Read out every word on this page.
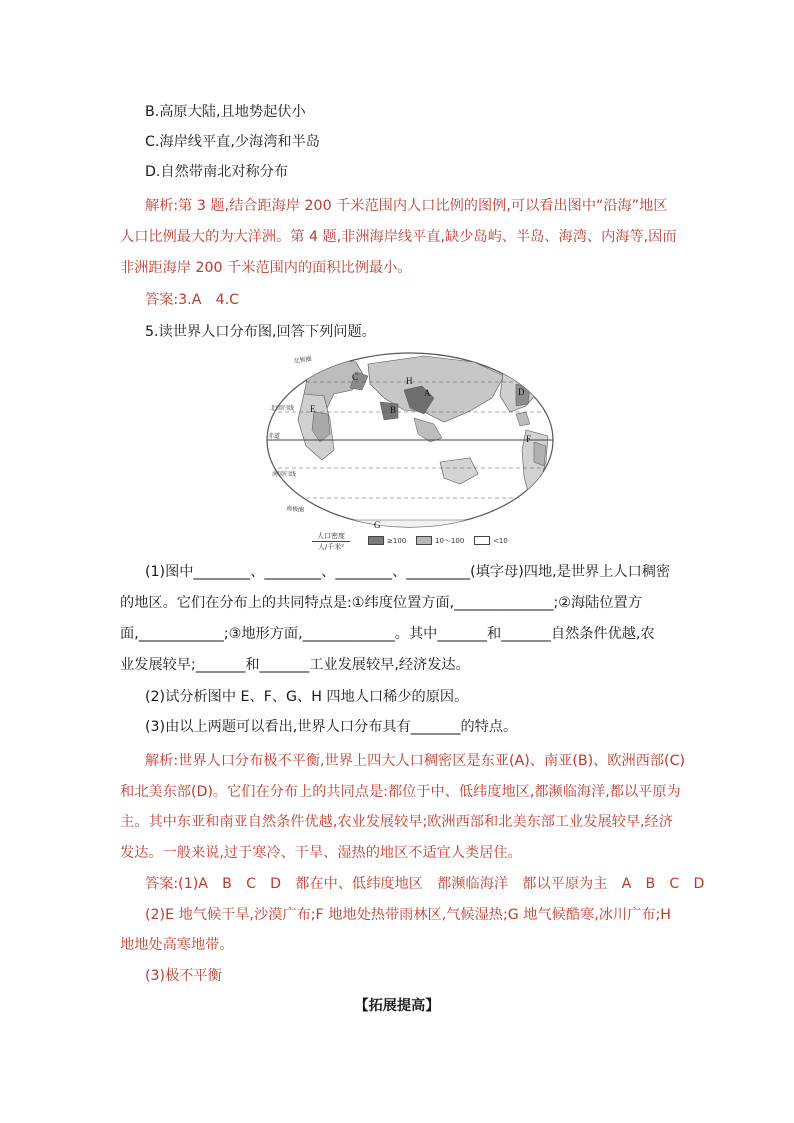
B.高原大陆,且地势起伏小
C.海岸线平直,少海湾和半岛
D.自然带南北对称分布
解析:第 3 题,结合距海岸 200 千米范围内人口比例的图例,可以看出图中“沿海”地区
人口比例最大的为大洋洲。第 4 题,非洲海岸线平直,缺少岛屿、半岛、海湾、内海等,因而
非洲距海岸 200 千米范围内的面积比例最小。
答案:3.A　4.C
5.读世界人口分布图,回答下列问题。
北极圈
北回归线
赤道
南回归线
南极圈
A
B
C
D
E
F
G
H
人口密度
人/千米²
≥100	10～100	<10
(1)图中________、________、________、_________(填字母)四地,是世界上人口稠密
的地区。它们在分布上的共同特点是:①纬度位置方面,______________;②海陆位置方
面,____________;③地形方面,_____________。其中_______和_______自然条件优越,农
业发展较早;_______和_______工业发展较早,经济发达。
(2)试分析图中 E、F、G、H 四地人口稀少的原因。
(3)由以上两题可以看出,世界人口分布具有_______的特点。
解析:世界人口分布极不平衡,世界上四大人口稠密区是东亚(A)、南亚(B)、欧洲西部(C)
和北美东部(D)。它们在分布上的共同点是:都位于中、低纬度地区,都濒临海洋,都以平原为
主。其中东亚和南亚自然条件优越,农业发展较早;欧洲西部和北美东部工业发展较早,经济
发达。一般来说,过于寒冷、干旱、湿热的地区不适宜人类居住。
答案:(1)A　B　C　D　都在中、低纬度地区　都濒临海洋　都以平原为主　A　B　C　D
(2)E 地气候干旱,沙漠广布;F 地地处热带雨林区,气候湿热;G 地气候酷寒,冰川广布;H
地地处高寒地带。
(3)极不平衡
【拓展提高】
